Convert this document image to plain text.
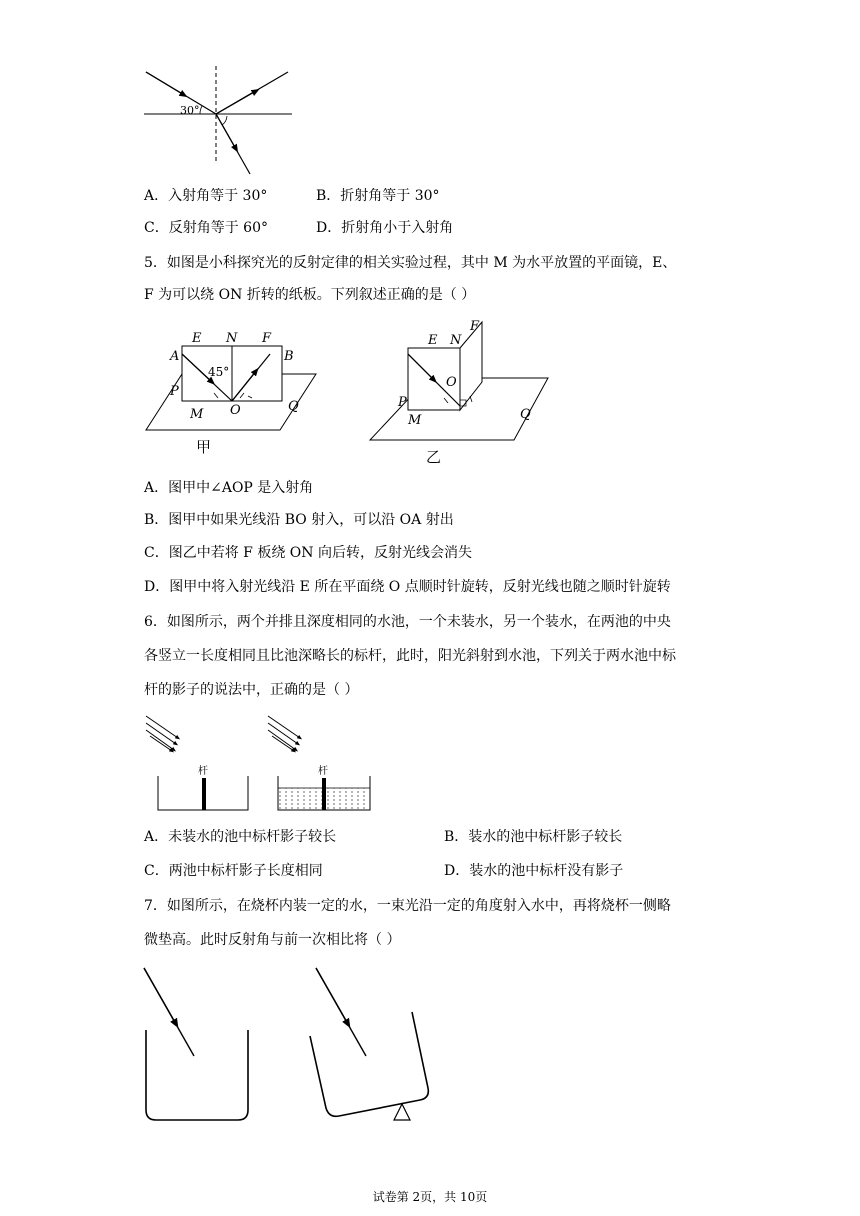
30°
A．入射角等于 30°	B．折射角等于 30°
C．反射角等于 60°	D．折射角小于入射角
5．如图是小科探究光的反射定律的相关实验过程，其中 M 为水平放置的平面镜，E、
F 为可以绕 ON 折转的纸板。下列叙述正确的是（ ）
E N F
A	B
45°
P
O
M
Q
甲
F
E N
O
P
M	Q
乙
A．图甲中∠AOP 是入射角
B．图甲中如果光线沿 BO 射入，可以沿 OA 射出
C．图乙中若将 F 板绕 ON 向后转，反射光线会消失
D．图甲中将入射光线沿 E 所在平面绕 O 点顺时针旋转，反射光线也随之顺时针旋转
6．如图所示，两个并排且深度相同的水池，一个未装水，另一个装水，在两池的中央
各竖立一长度相同且比池深略长的标杆，此时，阳光斜射到水池，下列关于两水池中标
杆的影子的说法中，正确的是（ ）
杆	杆
A．未装水的池中标杆影子较长	B．装水的池中标杆影子较长
C．两池中标杆影子长度相同	D．装水的池中标杆没有影子
7．如图所示，在烧杯内装一定的水，一束光沿一定的角度射入水中，再将烧杯一侧略
微垫高。此时反射角与前一次相比将（ ）
试卷第 2页，共 10页
